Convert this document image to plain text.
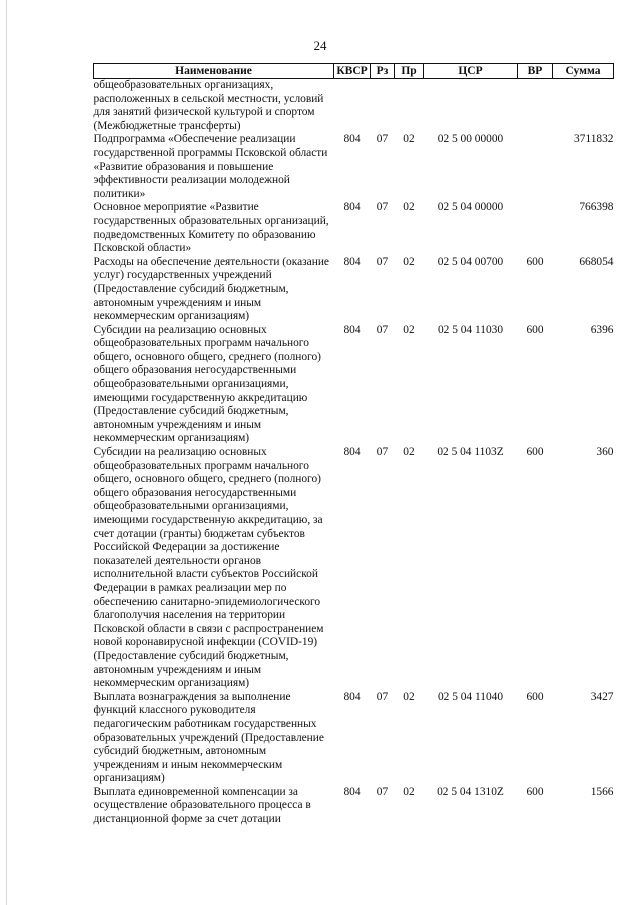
24
Наименование	КВСР	Рз	Пр	ЦСР	ВР	Сумма
общеобразовательных организациях, расположенных в сельской местности, условий для занятий физической культурой и спортом (Межбюджетные трансферты)						
Подпрограмма «Обеспечение реализации государственной программы Псковской области «Развитие образования и повышение эффективности реализации молодежной политики»	804	07	02	02 5 00 00000		3711832
Основное мероприятие «Развитие государственных образовательных организаций, подведомственных Комитету по образованию Псковской области»	804	07	02	02 5 04 00000		766398
Расходы на обеспечение деятельности (оказание услуг) государственных учреждений (Предоставление субсидий бюджетным, автономным учреждениям и иным некоммерческим организациям)	804	07	02	02 5 04 00700	600	668054
Субсидии на реализацию основных общеобразовательных программ начального общего, основного общего, среднего (полного) общего образования негосударственными общеобразовательными организациями, имеющими государственную аккредитацию (Предоставление субсидий бюджетным, автономным учреждениям и иным некоммерческим организациям)	804	07	02	02 5 04 11030	600	6396
Субсидии на реализацию основных общеобразовательных программ начального общего, основного общего, среднего (полного) общего образования негосударственными общеобразовательными организациями, имеющими государственную аккредитацию, за счет дотации (гранты) бюджетам субъектов Российской Федерации за достижение показателей деятельности органов исполнительной власти субъектов Российской Федерации в рамках реализации мер по обеспечению санитарно-эпидемиологического благополучия населения на территории Псковской области в связи с распространением новой коронавирусной инфекции (COVID-19) (Предоставление субсидий бюджетным, автономным учреждениям и иным некоммерческим организациям)	804	07	02	02 5 04 1103Z	600	360
Выплата вознаграждения за выполнение функций классного руководителя педагогическим работникам государственных образовательных учреждений (Предоставление субсидий бюджетным, автономным учреждениям и иным некоммерческим организациям)	804	07	02	02 5 04 11040	600	3427
Выплата единовременной компенсации за осуществление образовательного процесса в дистанционной форме за счет дотации	804	07	02	02 5 04 1310Z	600	1566
